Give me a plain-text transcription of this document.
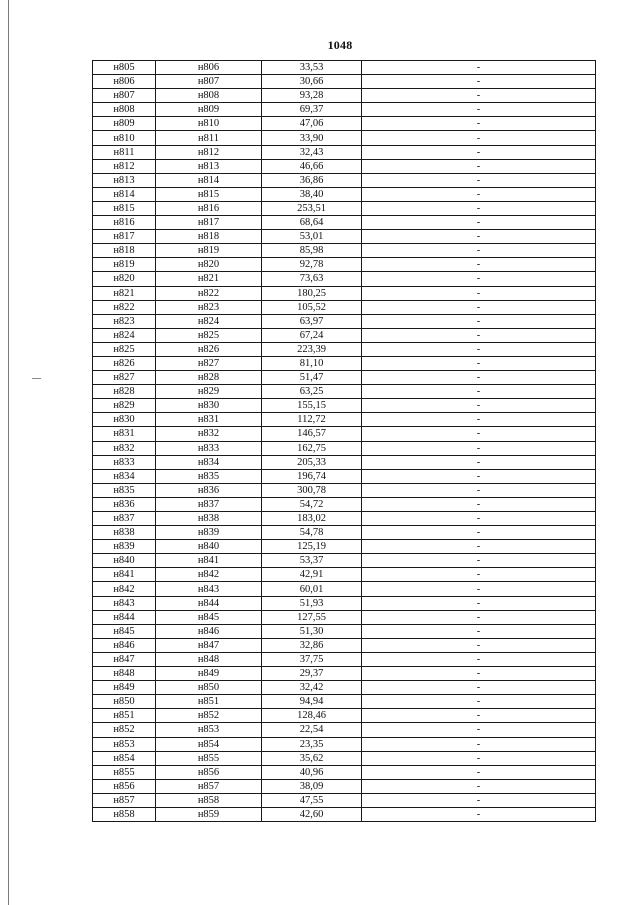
1048
н805	н806	33,53	-
н806	н807	30,66	-
н807	н808	93,28	-
н808	н809	69,37	-
н809	н810	47,06	-
н810	н811	33,90	-
н811	н812	32,43	-
н812	н813	46,66	-
н813	н814	36,86	-
н814	н815	38,40	-
н815	н816	253,51	-
н816	н817	68,64	-
н817	н818	53,01	-
н818	н819	85,98	-
н819	н820	92,78	-
н820	н821	73,63	-
н821	н822	180,25	-
н822	н823	105,52	-
н823	н824	63,97	-
н824	н825	67,24	-
н825	н826	223,39	-
н826	н827	81,10	-
н827	н828	51,47	-
н828	н829	63,25	-
н829	н830	155,15	-
н830	н831	112,72	-
н831	н832	146,57	-
н832	н833	162,75	-
н833	н834	205,33	-
н834	н835	196,74	-
н835	н836	300,78	-
н836	н837	54,72	-
н837	н838	183,02	-
н838	н839	54,78	-
н839	н840	125,19	-
н840	н841	53,37	-
н841	н842	42,91	-
н842	н843	60,01	-
н843	н844	51,93	-
н844	н845	127,55	-
н845	н846	51,30	-
н846	н847	32,86	-
н847	н848	37,75	-
н848	н849	29,37	-
н849	н850	32,42	-
н850	н851	94,94	-
н851	н852	128,46	-
н852	н853	22,54	-
н853	н854	23,35	-
н854	н855	35,62	-
н855	н856	40,96	-
н856	н857	38,09	-
н857	н858	47,55	-
н858	н859	42,60	-
